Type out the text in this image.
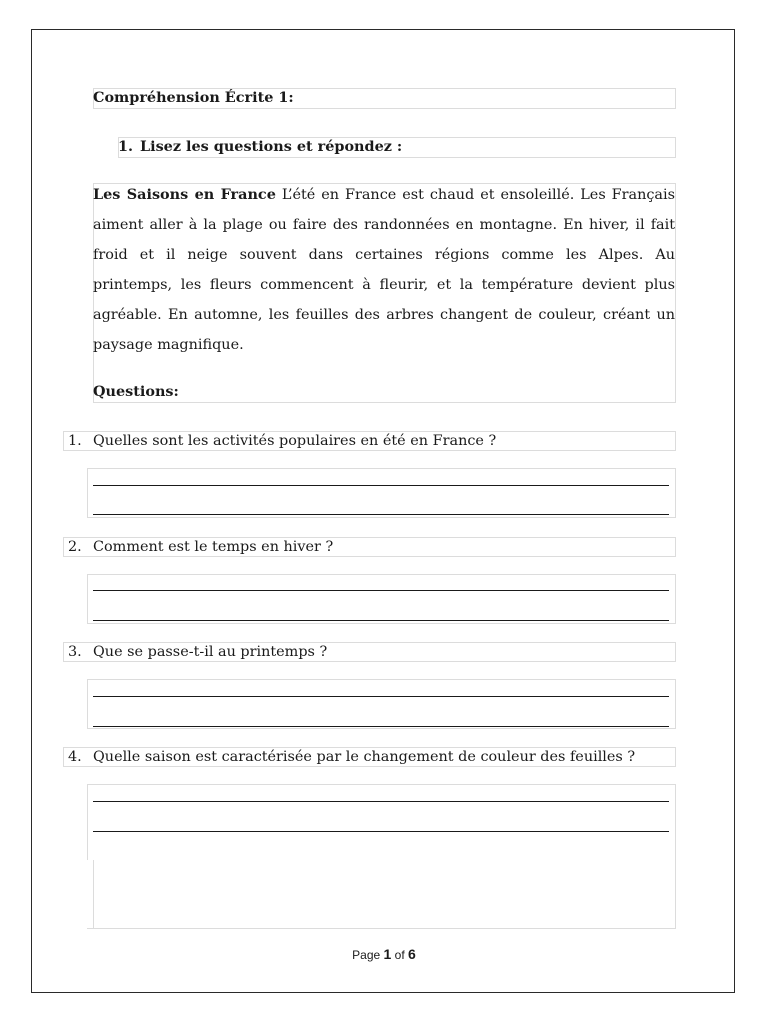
Compréhension Écrite 1:
1. Lisez les questions et répondez :
Les Saisons en France L’été en France est chaud et ensoleillé. Les Français aiment aller à la plage ou faire des randonnées en montagne. En hiver, il fait froid et il neige souvent dans certaines régions comme les Alpes. Au printemps, les fleurs commencent à fleurir, et la température devient plus agréable. En automne, les feuilles des arbres changent de couleur, créant un paysage magnifique.
Questions:
1. Quelles sont les activités populaires en été en France ?
2. Comment est le temps en hiver ?
3. Que se passe-t-il au printemps ?
4. Quelle saison est caractérisée par le changement de couleur des feuilles ?
Page 1 of 6
